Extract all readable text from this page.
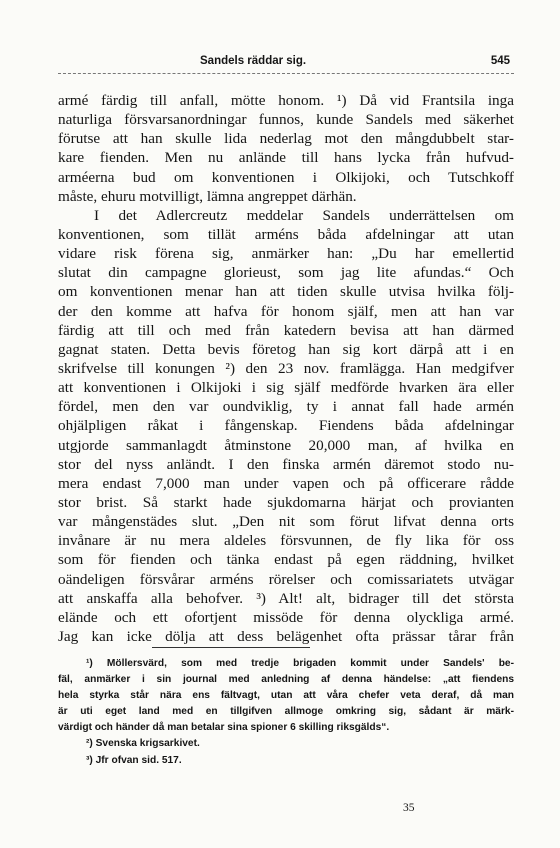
Sandels räddar sig.	545
armé färdig till anfall, mötte honom. ¹) Då vid Frantsila inga
naturliga försvarsanordningar funnos, kunde Sandels med säkerhet
förutse att han skulle lida nederlag mot den mångdubbelt star-
kare fienden. Men nu anlände till hans lycka från hufvud-
arméerna bud om konventionen i Olkijoki, och Tutschkoff
måste, ehuru motvilligt, lämna angreppet därhän.
I det Adlercreutz meddelar Sandels underrättelsen om
konventionen, som tillät arméns båda afdelningar att utan
vidare risk förena sig, anmärker han: „Du har emellertid
slutat din campagne glorieust, som jag lite afundas.“ Och
om konventionen menar han att tiden skulle utvisa hvilka följ-
der den komme att hafva för honom själf, men att han var
färdig att till och med från katedern bevisa att han därmed
gagnat staten. Detta bevis företog han sig kort därpå att i en
skrifvelse till konungen ²) den 23 nov. framlägga. Han medgifver
att konventionen i Olkijoki i sig själf medförde hvarken ära eller
fördel, men den var oundviklig, ty i annat fall hade armén
ohjälpligen råkat i fångenskap. Fiendens båda afdelningar
utgjorde sammanlagdt åtminstone 20,000 man, af hvilka en
stor del nyss anländt. I den finska armén däremot stodo nu-
mera endast 7,000 man under vapen och på officerare rådde
stor brist. Så starkt hade sjukdomarna härjat och provianten
var mångenstädes slut. „Den nit som förut lifvat denna orts
invånare är nu mera aldeles försvunnen, de fly lika för oss
som för fienden och tänka endast på egen räddning, hvilket
oändeligen försvårar arméns rörelser och comissariatets utvägar
att anskaffa alla behofver. ³) Alt! alt, bidrager till det största
elände och ett ofortjent missöde för denna olyckliga armé.
Jag kan icke dölja att dess belägenhet ofta prässar tårar från
¹) Möllersvärd, som med tredje brigaden kommit under Sandels' be-
fäl, anmärker i sin journal med anledning af denna händelse: „att fiendens
hela styrka står nära ens fältvagt, utan att våra chefer veta deraf, då man
är uti eget land med en tillgifven allmoge omkring sig, sådant är märk-
värdigt och händer då man betalar sina spioner 6 skilling riksgälds“.
²) Svenska krigsarkivet.
³) Jfr ofvan sid. 517.
35
